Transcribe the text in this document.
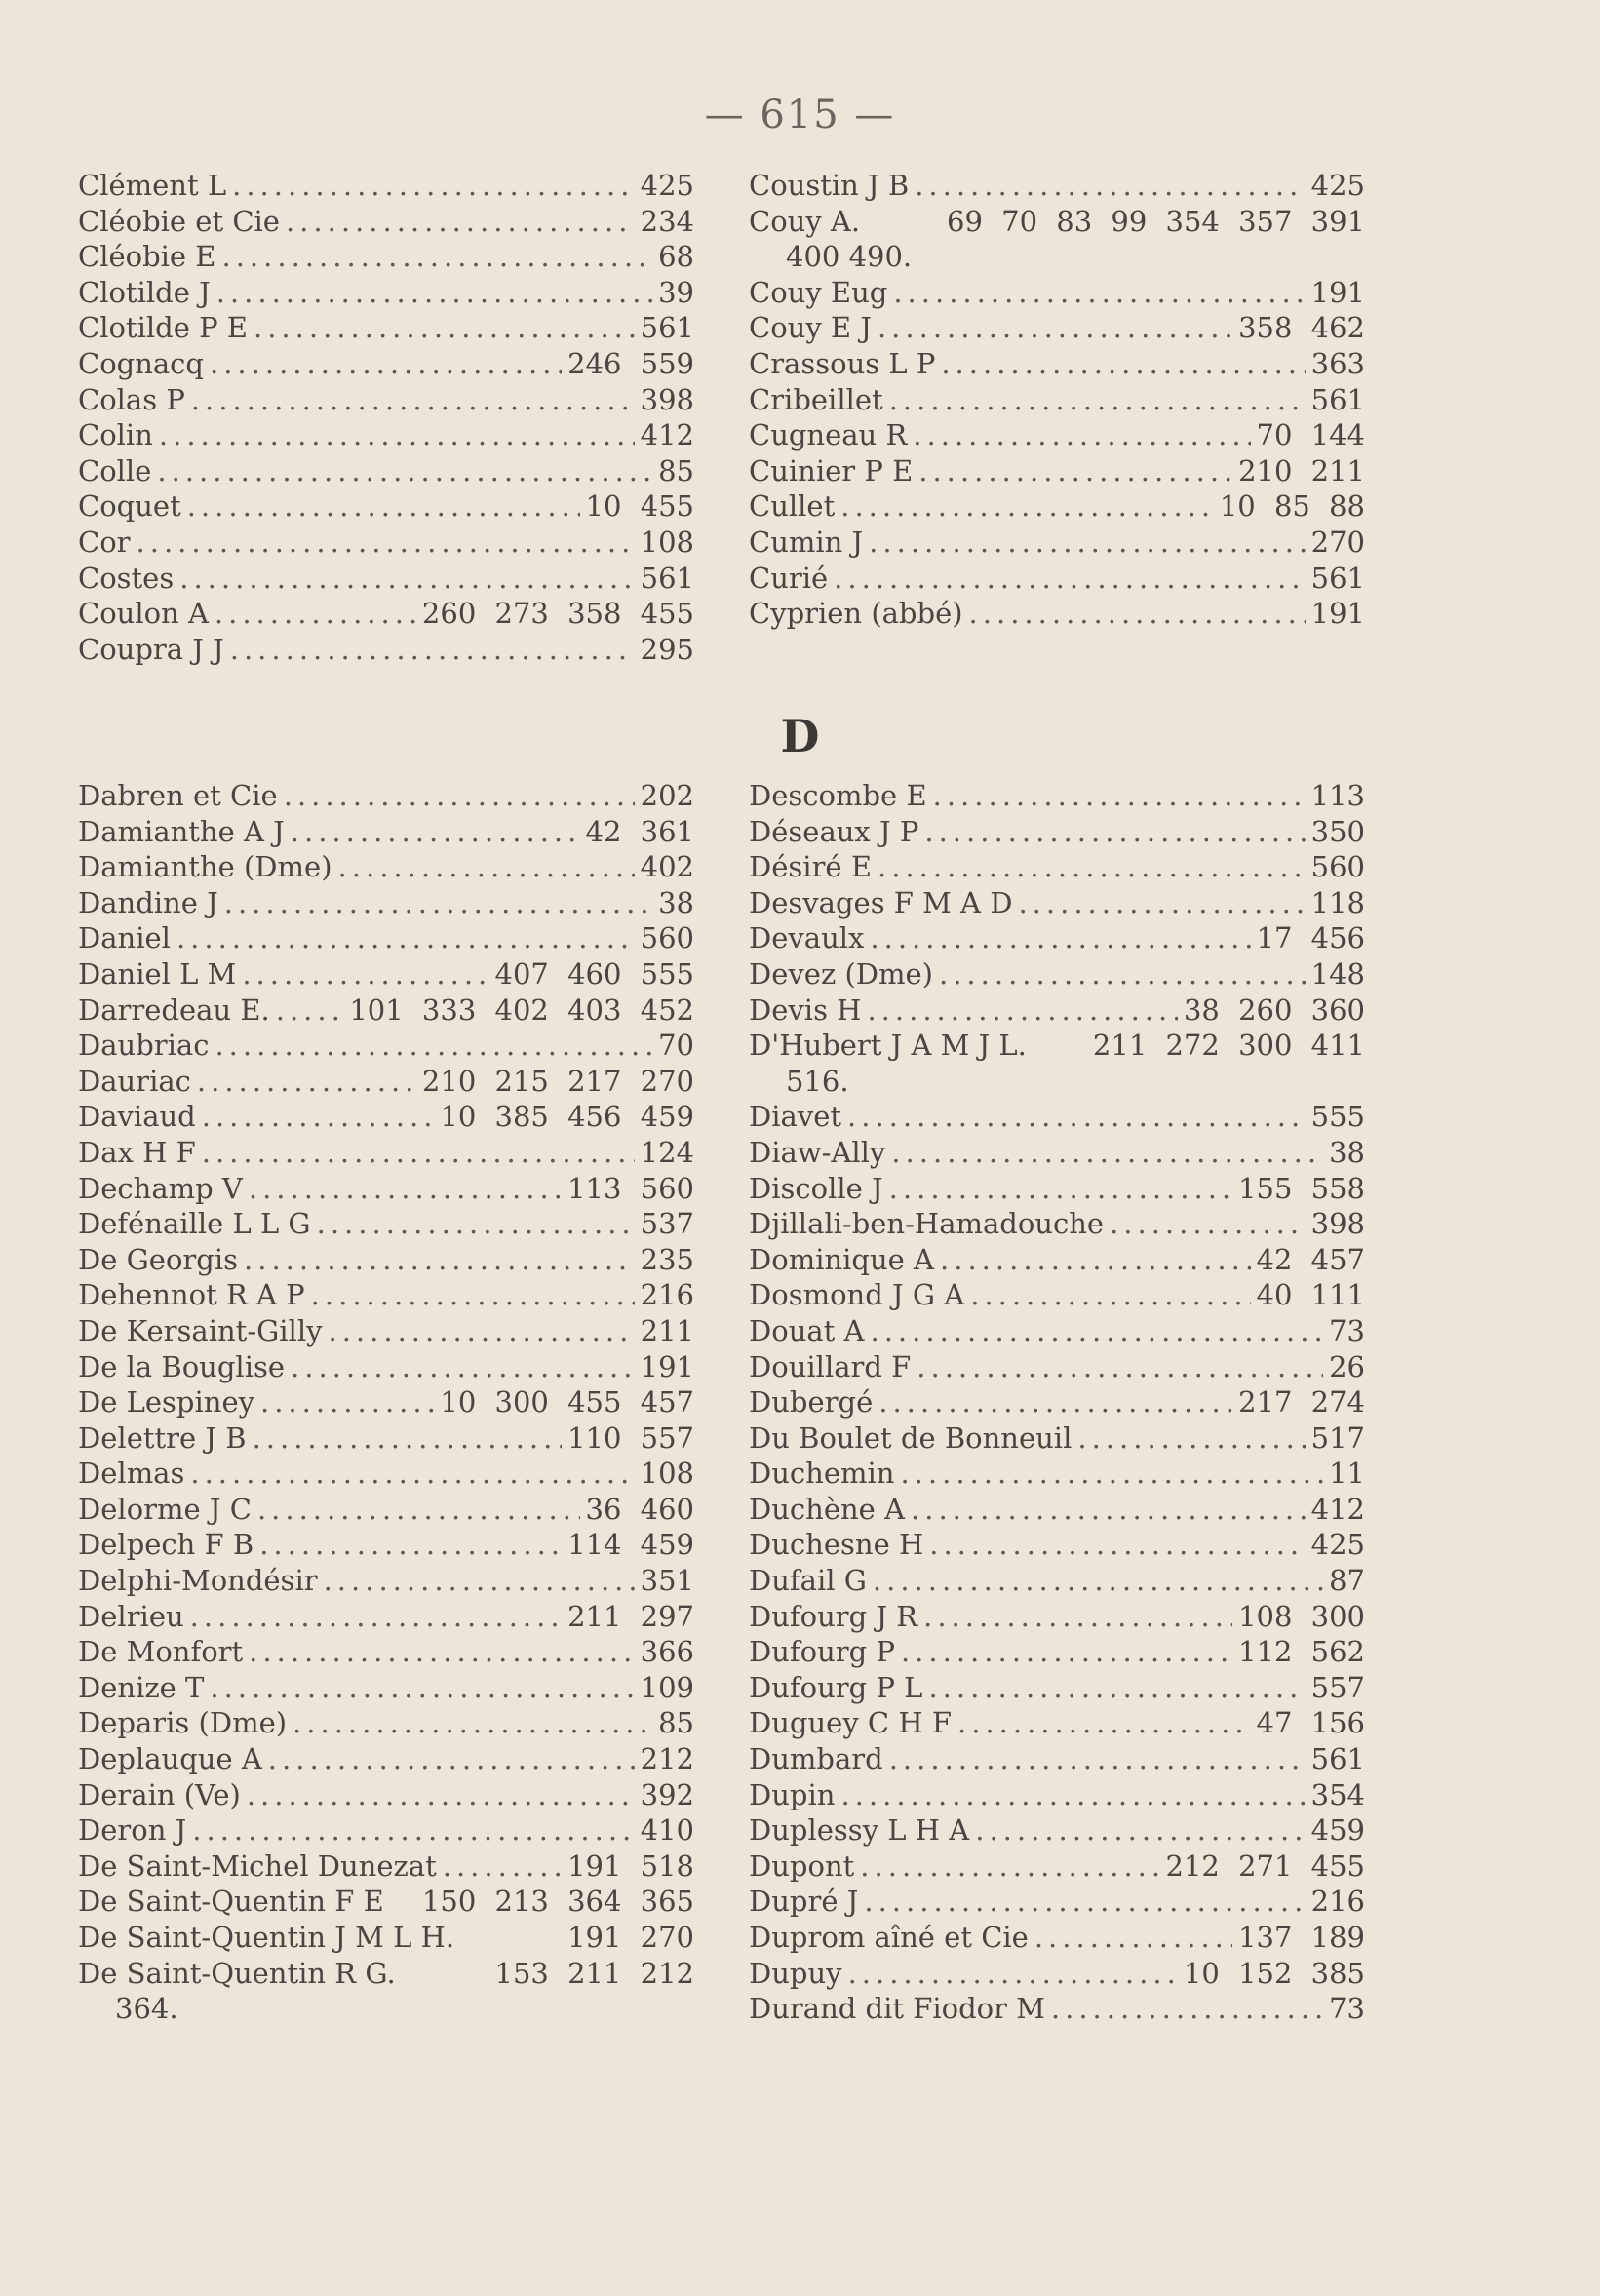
— 615 —
Clément L .....	425
Cléobie et Cie .....	234
Cléobie E .....	68
Clotilde J .....	39
Clotilde P E .....	561
Cognacq .....	246 559
Colas P .....	398
Colin .....	412
Colle .....	85
Coquet .....	10 455
Cor .....	108
Costes .....	561
Coulon A .....	260 273 358 455
Coupra J J .....	295
Coustin J B .....	425
Couy A.	69 70 83 99 354 357 391
400 490.
Couy Eug .....	191
Couy E J .....	358 462
Crassous L P .....	363
Cribeillet .....	561
Cugneau R .....	70 144
Cuinier P E .....	210 211
Cullet .....	10 85 88
Cumin J .....	270
Curié .....	561
Cyprien (abbé) .....	191
D
Dabren et Cie .....	202
Damianthe A J .....	42 361
Damianthe (Dme) .....	402
Dandine J .....	38
Daniel .....	560
Daniel L M .....	407 460 555
Darredeau E. .....	101 333 402 403 452
Daubriac .....	70
Dauriac .....	210 215 217 270
Daviaud .....	10 385 456 459
Dax H F .....	124
Dechamp V .....	113 560
Defénaille L L G .....	537
De Georgis .....	235
Dehennot R A P .....	216
De Kersaint-Gilly .....	211
De la Bouglise .....	191
De Lespiney .....	10 300 455 457
Delettre J B .....	110 557
Delmas .....	108
Delorme J C .....	36 460
Delpech F B .....	114 459
Delphi-Mondésir .....	351
Delrieu .....	211 297
De Monfort .....	366
Denize T .....	109
Deparis (Dme) .....	85
Deplauque A .....	212
Derain (Ve) .....	392
Deron J .....	410
De Saint-Michel Dunezat .....	191 518
De Saint-Quentin F E 150 213 364 365
De Saint-Quentin J M L H.	191 270
De Saint-Quentin R G.	153 211 212
364.
Descombe E .....	113
Déseaux J P .....	350
Désiré E .....	560
Desvages F M A D .....	118
Devaulx .....	17 456
Devez (Dme) .....	148
Devis H .....	38 260 360
D'Hubert J A M J L. 211 272 300 411
516.
Diavet .....	555
Diaw-Ally .....	38
Discolle J .....	155 558
Djillali-ben-Hamadouche .....	398
Dominique A .....	42 457
Dosmond J G A .....	40 111
Douat A .....	73
Douillard F .....	26
Dubergé .....	217 274
Du Boulet de Bonneuil .....	517
Duchemin .....	11
Duchène A .....	412
Duchesne H .....	425
Dufail G .....	87
Dufourg J R .....	108 300
Dufourg P .....	112 562
Dufourg P L .....	557
Duguey C H F .....	47 156
Dumbard .....	561
Dupin .....	354
Duplessy L H A .....	459
Dupont .....	212 271 455
Dupré J .....	216
Duprom aîné et Cie .....	137 189
Dupuy .....	10 152 385
Durand dit Fiodor M .....	73
